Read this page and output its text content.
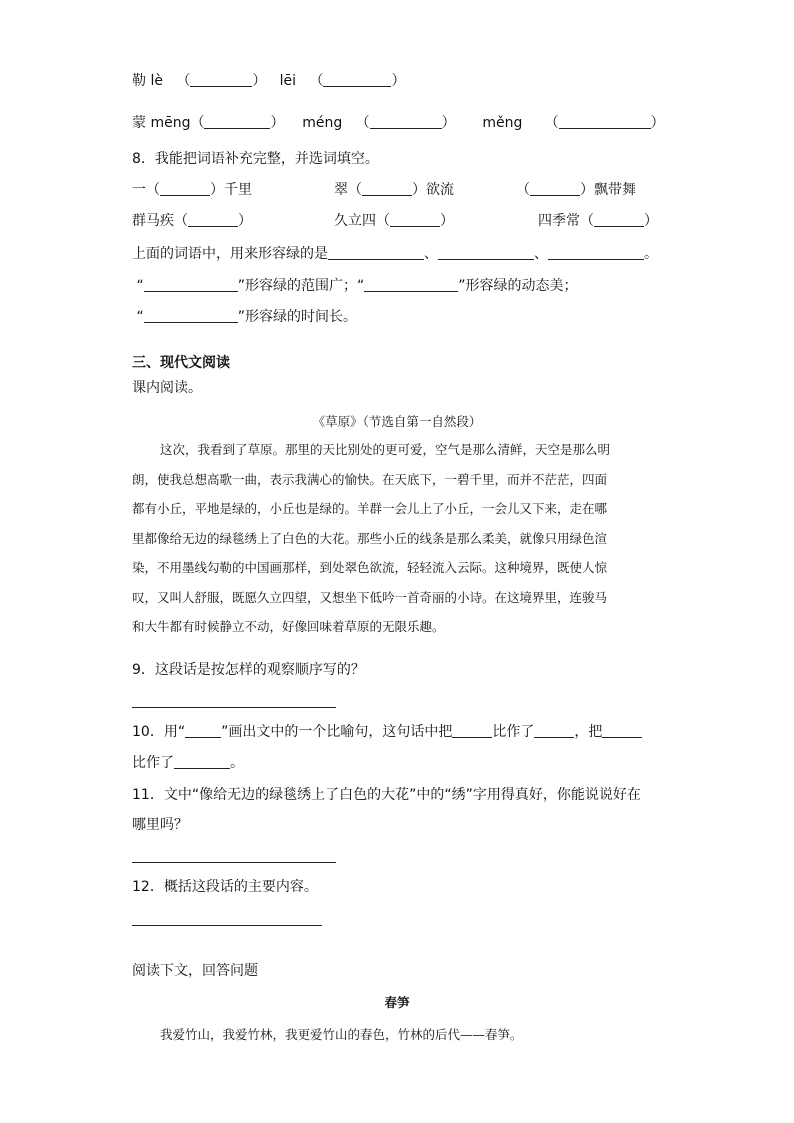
勒 lè （	） lēi （	）
蒙 mēng（	） méng （	） měng （	）
8．我能把词语补充完整，并选词填空。
一（	）千里	翠（	）欲流	（	）飘带舞
群马疾（	）	久立四（	）	四季常（	）
上面的词语中，用来形容绿的是	、	、	。
“	”形容绿的范围广；“	”形容绿的动态美；
“	”形容绿的时间长。
三、现代文阅读
课内阅读。
《草原》（节选自第一自然段）
这次，我看到了草原。那里的天比别处的更可爱，空气是那么清鲜，天空是那么明
朗，使我总想高歌一曲，表示我满心的愉快。在天底下，一碧千里，而并不茫茫，四面
都有小丘，平地是绿的，小丘也是绿的。羊群一会儿上了小丘，一会儿又下来，走在哪
里都像给无边的绿毯绣上了白色的大花。那些小丘的线条是那么柔美，就像只用绿色渲
染，不用墨线勾勒的中国画那样，到处翠色欲流，轻轻流入云际。这种境界，既使人惊
叹，又叫人舒服，既愿久立四望，又想坐下低吟一首奇丽的小诗。在这境界里，连骏马
和大牛都有时候静立不动，好像回味着草原的无限乐趣。
9．这段话是按怎样的观察顺序写的？
10．用“	”画出文中的一个比喻句，这句话中把	比作了	，把
比作了	。
11．文中“像给无边的绿毯绣上了白色的大花”中的“绣”字用得真好，你能说说好在
哪里吗？
12．概括这段话的主要内容。
阅读下文，回答问题
春笋
我爱竹山，我爱竹林，我更爱竹山的春色，竹林的后代——春笋。
